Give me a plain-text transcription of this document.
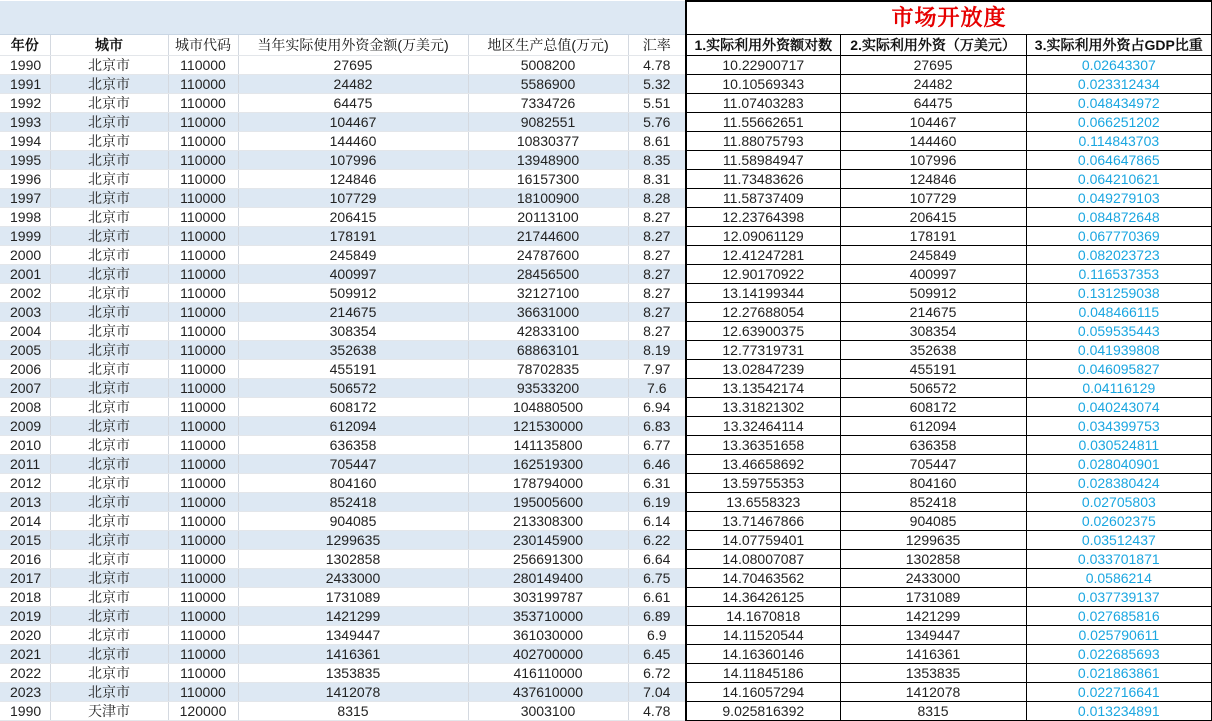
						市场开放度		
年份	城市	城市代码	当年实际使用外资金额(万美元)	地区生产总值(万元)	汇率	1.实际利用外资额对数	2.实际利用外资（万美元）	3.实际利用外资占GDP比重
1990	北京市	110000	27695	5008200	4.78	10.22900717	27695	0.02643307
1991	北京市	110000	24482	5586900	5.32	10.10569343	24482	0.023312434
1992	北京市	110000	64475	7334726	5.51	11.07403283	64475	0.048434972
1993	北京市	110000	104467	9082551	5.76	11.55662651	104467	0.066251202
1994	北京市	110000	144460	10830377	8.61	11.88075793	144460	0.114843703
1995	北京市	110000	107996	13948900	8.35	11.58984947	107996	0.064647865
1996	北京市	110000	124846	16157300	8.31	11.73483626	124846	0.064210621
1997	北京市	110000	107729	18100900	8.28	11.58737409	107729	0.049279103
1998	北京市	110000	206415	20113100	8.27	12.23764398	206415	0.084872648
1999	北京市	110000	178191	21744600	8.27	12.09061129	178191	0.067770369
2000	北京市	110000	245849	24787600	8.27	12.41247281	245849	0.082023723
2001	北京市	110000	400997	28456500	8.27	12.90170922	400997	0.116537353
2002	北京市	110000	509912	32127100	8.27	13.14199344	509912	0.131259038
2003	北京市	110000	214675	36631000	8.27	12.27688054	214675	0.048466115
2004	北京市	110000	308354	42833100	8.27	12.63900375	308354	0.059535443
2005	北京市	110000	352638	68863101	8.19	12.77319731	352638	0.041939808
2006	北京市	110000	455191	78702835	7.97	13.02847239	455191	0.046095827
2007	北京市	110000	506572	93533200	7.6	13.13542174	506572	0.04116129
2008	北京市	110000	608172	104880500	6.94	13.31821302	608172	0.040243074
2009	北京市	110000	612094	121530000	6.83	13.32464114	612094	0.034399753
2010	北京市	110000	636358	141135800	6.77	13.36351658	636358	0.030524811
2011	北京市	110000	705447	162519300	6.46	13.46658692	705447	0.028040901
2012	北京市	110000	804160	178794000	6.31	13.59755353	804160	0.028380424
2013	北京市	110000	852418	195005600	6.19	13.6558323	852418	0.02705803
2014	北京市	110000	904085	213308300	6.14	13.71467866	904085	0.02602375
2015	北京市	110000	1299635	230145900	6.22	14.07759401	1299635	0.03512437
2016	北京市	110000	1302858	256691300	6.64	14.08007087	1302858	0.033701871
2017	北京市	110000	2433000	280149400	6.75	14.70463562	2433000	0.0586214
2018	北京市	110000	1731089	303199787	6.61	14.36426125	1731089	0.037739137
2019	北京市	110000	1421299	353710000	6.89	14.1670818	1421299	0.027685816
2020	北京市	110000	1349447	361030000	6.9	14.11520544	1349447	0.025790611
2021	北京市	110000	1416361	402700000	6.45	14.16360146	1416361	0.022685693
2022	北京市	110000	1353835	416110000	6.72	14.11845186	1353835	0.021863861
2023	北京市	110000	1412078	437610000	7.04	14.16057294	1412078	0.022716641
1990	天津市	120000	8315	3003100	4.78	9.025816392	8315	0.013234891
